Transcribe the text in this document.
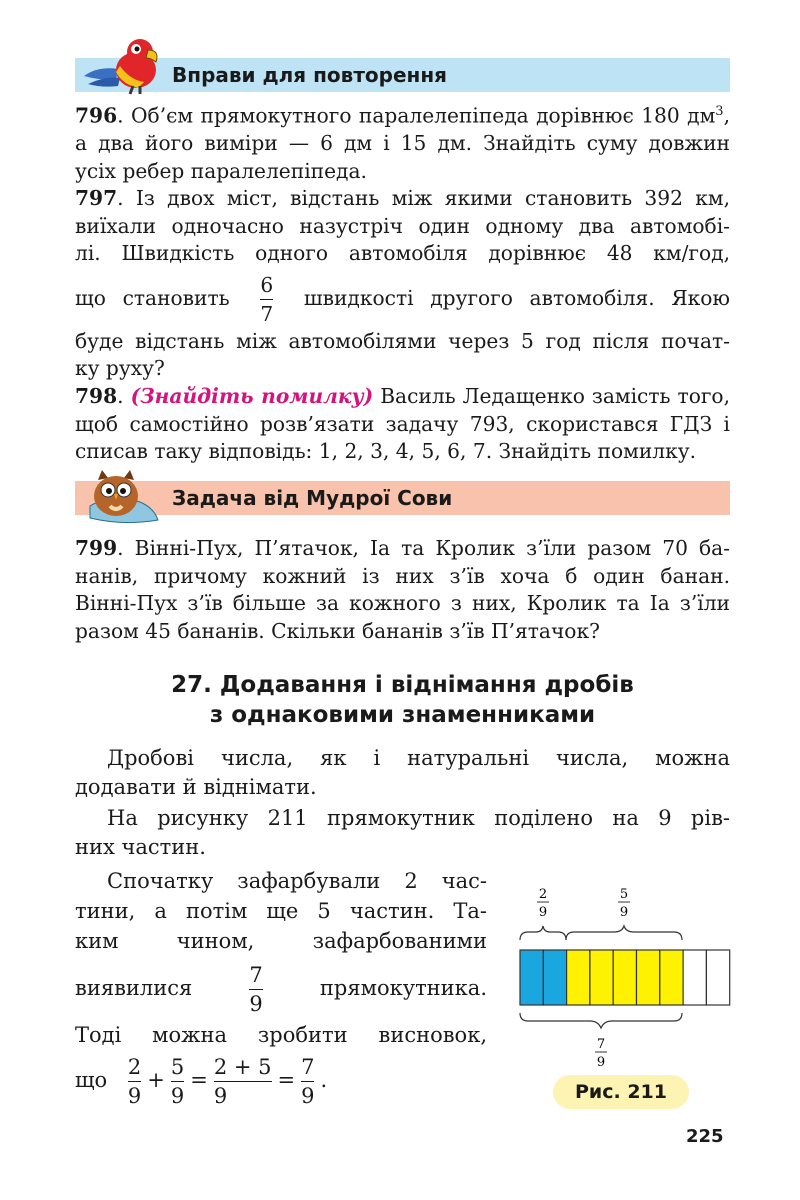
Вправи для повторення
796. Об’єм прямокутного паралелепіпеда дорівнює 180 $дм^3$,
а два його виміри — 6 дм і 15 дм. Знайдіть суму довжин
усіх ребер паралелепіпеда.
797. Із двох міст, відстань між якими становить 392 км,
виїхали одночасно назустріч один одному два автомобі-
лі. Швидкість одного автомобіля дорівнює 48 км/год,
що становить $\frac{6}{7}$ швидкості другого автомобіля. Якою
буде відстань між автомобілями через 5 год після почат-
ку руху?
798. (Знайдіть помилку) Василь Ледащенко замість того,
щоб самостійно розв’язати задачу 793, скористався ГДЗ і
списав таку відповідь: 1, 2, 3, 4, 5, 6, 7. Знайдіть помилку.
Задача від Мудрої Сови
799. Вінні-Пух, П’ятачок, Іа та Кролик з’їли разом 70 ба-
нанів, причому кожний із них з’їв хоча б один банан.
Вінні-Пух з’їв більше за кожного з них, Кролик та Іа з’їли
разом 45 бананів. Скільки бананів з’їв П’ятачок?
27. Додавання і віднімання дробів
з однаковими знаменниками
Дробові числа, як і натуральні числа, можна
додавати й віднімати.
На рисунку 211 прямокутник поділено на 9 рів-
них частин.
Спочатку зафарбували 2 час-
тини, а потім ще 5 частин. Та-
ким чином, зафарбованими
виявилися	$\frac{7}{9}$	прямокутника.
Тоді можна зробити висновок,
що $\frac{2}{9} + \frac{5}{9} = \frac{2 + 5}{9} = \frac{7}{9}$ .
2
9
5
9
7
9
Рис. 211
225
